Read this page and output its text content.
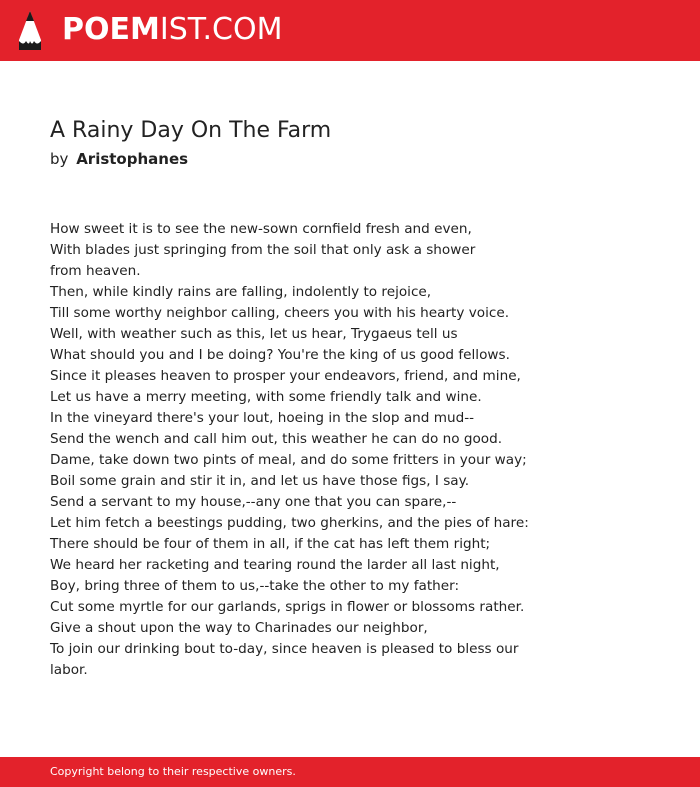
POEMIST.COM
A Rainy Day On The Farm
by Aristophanes
How sweet it is to see the new-sown cornfield fresh and even,
With blades just springing from the soil that only ask a shower
from heaven.
Then, while kindly rains are falling, indolently to rejoice,
Till some worthy neighbor calling, cheers you with his hearty voice.
Well, with weather such as this, let us hear, Trygaeus tell us
What should you and I be doing? You're the king of us good fellows.
Since it pleases heaven to prosper your endeavors, friend, and mine,
Let us have a merry meeting, with some friendly talk and wine.
In the vineyard there's your lout, hoeing in the slop and mud--
Send the wench and call him out, this weather he can do no good.
Dame, take down two pints of meal, and do some fritters in your way;
Boil some grain and stir it in, and let us have those figs, I say.
Send a servant to my house,--any one that you can spare,--
Let him fetch a beestings pudding, two gherkins, and the pies of hare:
There should be four of them in all, if the cat has left them right;
We heard her racketing and tearing round the larder all last night,
Boy, bring three of them to us,--take the other to my father:
Cut some myrtle for our garlands, sprigs in flower or blossoms rather.
Give a shout upon the way to Charinades our neighbor,
To join our drinking bout to-day, since heaven is pleased to bless our
labor.
Copyright belong to their respective owners.
